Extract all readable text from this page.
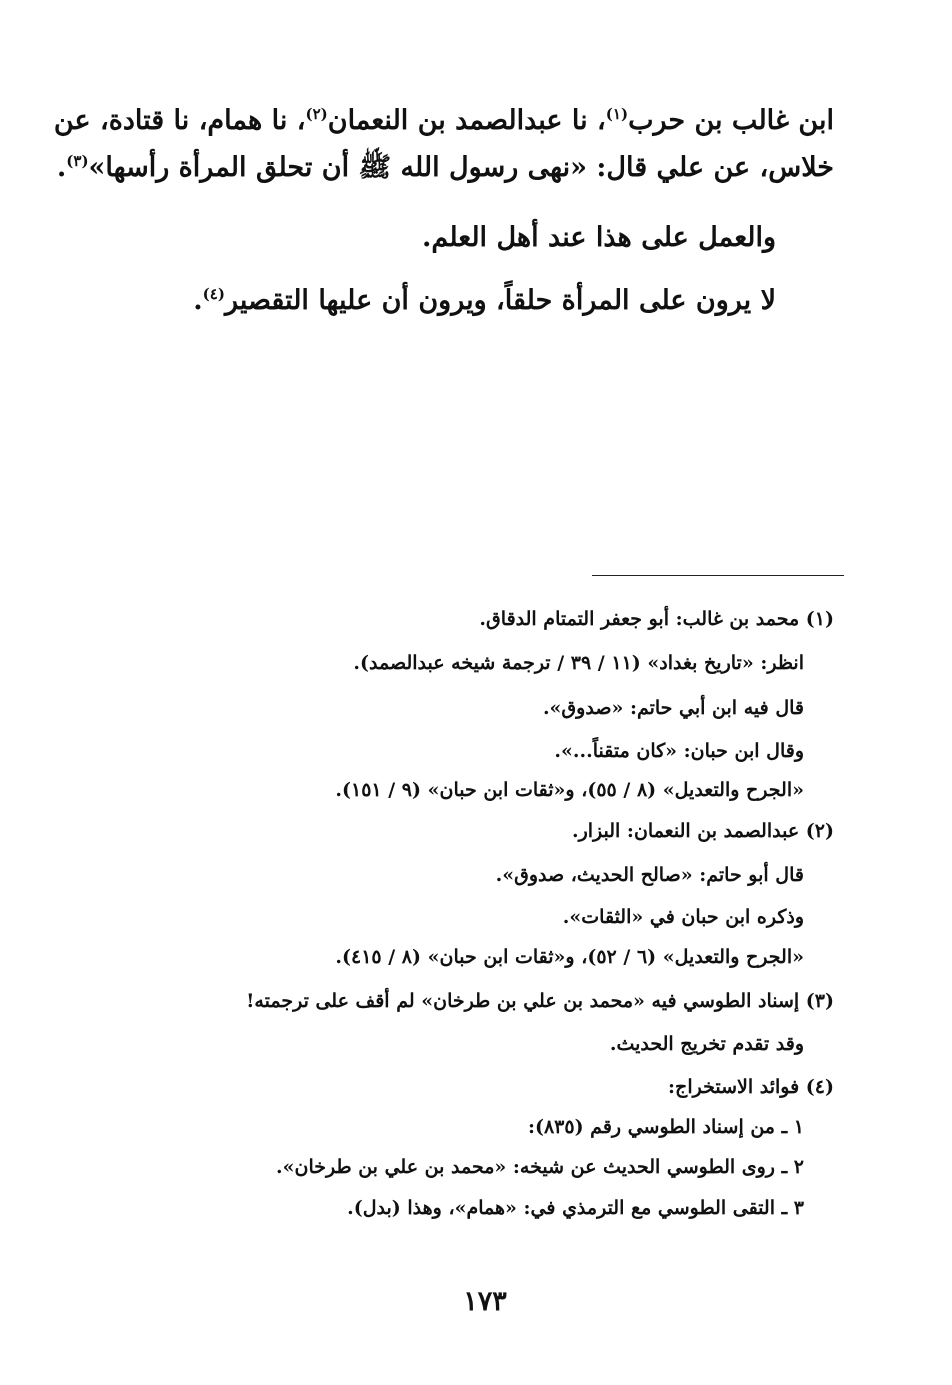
ابن غالب بن حرب$^{(١)}$، نا عبدالصمد بن النعمان$^{(٢)}$، نا همام، نا قتادة، عن
خلاس، عن علي قال: «نهى رسول الله ﷺ أن تحلق المرأة رأسها»$^{(٣)}$.
والعمل على هذا عند أهل العلم.
لا يرون على المرأة حلقاً، ويرون أن عليها التقصير$^{(٤)}$.
(١) محمد بن غالب: أبو جعفر التمتام الدقاق.
انظر: «تاريخ بغداد» (١١ / ٣٩ / ترجمة شيخه عبدالصمد).
قال فيه ابن أبي حاتم: «صدوق».
وقال ابن حبان: «كان متقناً...».
«الجرح والتعديل» (٨ / ٥٥)، و«ثقات ابن حبان» (٩ / ١٥١).
(٢) عبدالصمد بن النعمان: البزار.
قال أبو حاتم: «صالح الحديث، صدوق».
وذكره ابن حبان في «الثقات».
«الجرح والتعديل» (٦ / ٥٢)، و«ثقات ابن حبان» (٨ / ٤١٥).
(٣) إسناد الطوسي فيه «محمد بن علي بن طرخان» لم أقف على ترجمته!
وقد تقدم تخريج الحديث.
(٤) فوائد الاستخراج:
١ ـ من إسناد الطوسي رقم (٨٣٥):
٢ ـ روى الطوسي الحديث عن شيخه: «محمد بن علي بن طرخان».
٣ ـ التقى الطوسي مع الترمذي في: «همام»، وهذا (بدل).
١٧٣
